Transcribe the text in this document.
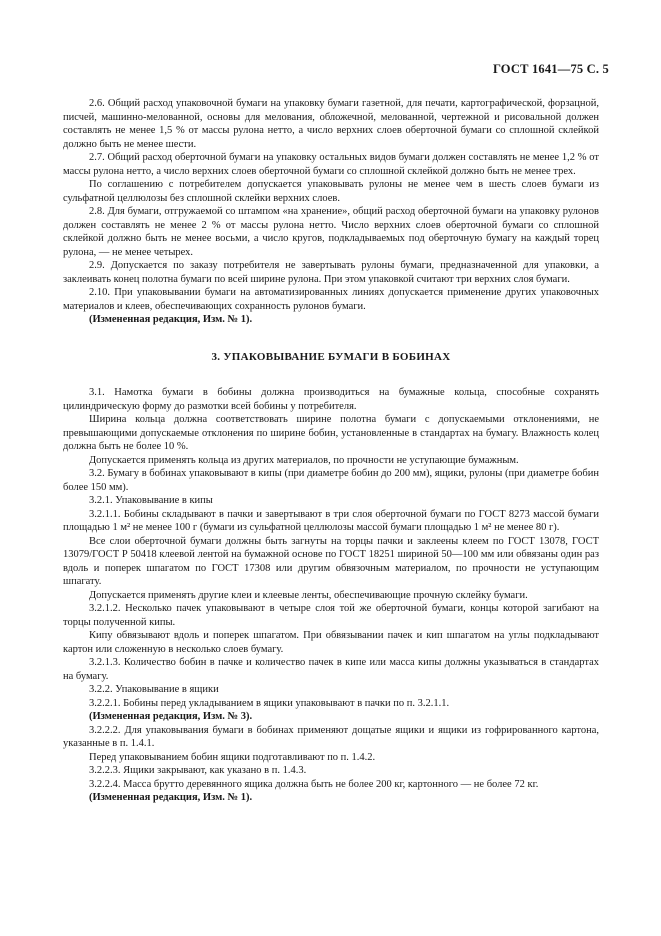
ГОСТ 1641—75 С. 5

2.6. Общий расход упаковочной бумаги на упаковку бумаги газетной, для печати, картографической, форзацной, писчей, машинно-мелованной, основы для мелования, обложечной, мелованной, чертежной и рисовальной должен составлять не менее 1,5 % от массы рулона нетто, а число верхних слоев оберточной бумаги со сплошной склейкой должно быть не менее шести.

2.7. Общий расход оберточной бумаги на упаковку остальных видов бумаги должен составлять не менее 1,2 % от массы рулона нетто, а число верхних слоев оберточной бумаги со сплошной склейкой должно быть не менее трех.

По соглашению с потребителем допускается упаковывать рулоны не менее чем в шесть слоев бумаги из сульфатной целлюлозы без сплошной склейки верхних слоев.

2.8. Для бумаги, отгружаемой со штампом «на хранение», общий расход оберточной бумаги на упаковку рулонов должен составлять не менее 2 % от массы рулона нетто. Число верхних слоев оберточной бумаги со сплошной склейкой должно быть не менее восьми, а число кругов, подкладываемых под оберточную бумагу на каждый торец рулона, — не менее четырех.

2.9. Допускается по заказу потребителя не завертывать рулоны бумаги, предназначенной для упаковки, а заклеивать конец полотна бумаги по всей ширине рулона. При этом упаковкой считают три верхних слоя бумаги.

2.10. При упаковывании бумаги на автоматизированных линиях допускается применение других упаковочных материалов и клеев, обеспечивающих сохранность рулонов бумаги.

(Измененная редакция, Изм. № 1).

3. УПАКОВЫВАНИЕ БУМАГИ В БОБИНАХ

3.1. Намотка бумаги в бобины должна производиться на бумажные кольца, способные сохранять цилиндрическую форму до размотки всей бобины у потребителя.

Ширина кольца должна соответствовать ширине полотна бумаги с допускаемыми отклонениями, не превышающими допускаемые отклонения по ширине бобин, установленные в стандартах на бумагу. Влажность колец должна быть не более 10 %.

Допускается применять кольца из других материалов, по прочности не уступающие бумажным.

3.2. Бумагу в бобинах упаковывают в кипы (при диаметре бобин до 200 мм), ящики, рулоны (при диаметре бобин более 150 мм).

3.2.1. Упаковывание в кипы

3.2.1.1. Бобины складывают в пачки и завертывают в три слоя оберточной бумаги по ГОСТ 8273 массой бумаги площадью 1 м² не менее 100 г (бумаги из сульфатной целлюлозы массой бумаги площадью 1 м² не менее 80 г).

Все слои оберточной бумаги должны быть загнуты на торцы пачки и заклеены клеем по ГОСТ 13078, ГОСТ 13079/ГОСТ Р 50418 клеевой лентой на бумажной основе по ГОСТ 18251 шириной 50—100 мм или обвязаны один раз вдоль и поперек шпагатом по ГОСТ 17308 или другим обвязочным материалом, по прочности не уступающим шпагату.

Допускается применять другие клеи и клеевые ленты, обеспечивающие прочную склейку бумаги.

3.2.1.2. Несколько пачек упаковывают в четыре слоя той же оберточной бумаги, концы которой загибают на торцы полученной кипы.

Кипу обвязывают вдоль и поперек шпагатом. При обвязывании пачек и кип шпагатом на углы подкладывают картон или сложенную в несколько слоев бумагу.

3.2.1.3. Количество бобин в пачке и количество пачек в кипе или масса кипы должны указываться в стандартах на бумагу.

3.2.2. Упаковывание в ящики

3.2.2.1. Бобины перед укладыванием в ящики упаковывают в пачки по п. 3.2.1.1.

(Измененная редакция, Изм. № 3).

3.2.2.2. Для упаковывания бумаги в бобинах применяют дощатые ящики и ящики из гофрированного картона, указанные в п. 1.4.1.

Перед упаковыванием бобин ящики подготавливают по п. 1.4.2.

3.2.2.3. Ящики закрывают, как указано в п. 1.4.3.

3.2.2.4. Масса брутто деревянного ящика должна быть не более 200 кг, картонного — не более 72 кг.

(Измененная редакция, Изм. № 1).
